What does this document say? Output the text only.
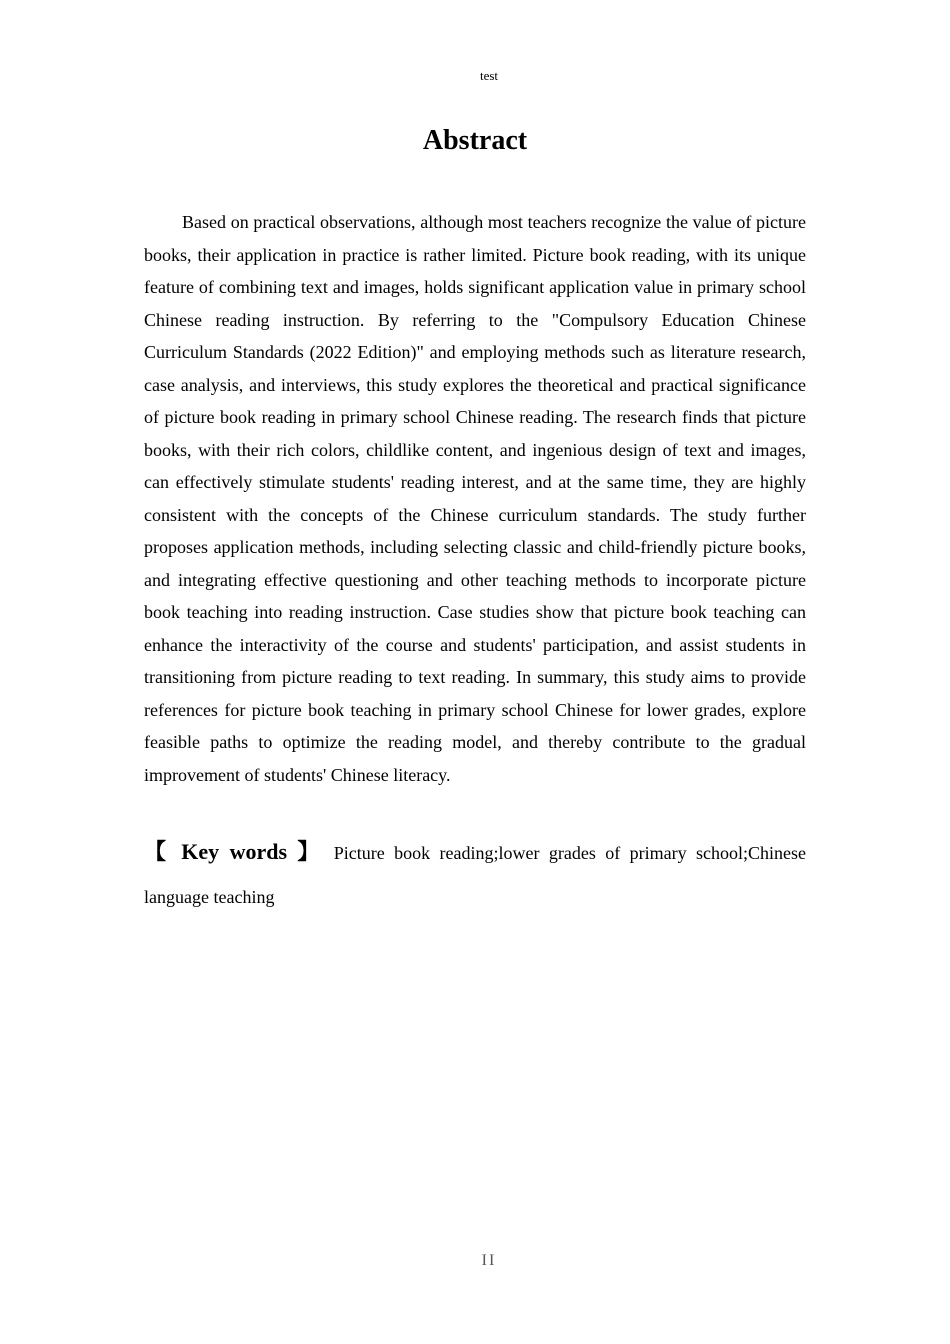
test
Abstract

Based on practical observations, although most teachers recognize the value of picture books, their application in practice is rather limited. Picture book reading, with its unique feature of combining text and images, holds significant application value in primary school Chinese reading instruction. By referring to the "Compulsory Education Chinese Curriculum Standards (2022 Edition)" and employing methods such as literature research, case analysis, and interviews, this study explores the theoretical and practical significance of picture book reading in primary school Chinese reading. The research finds that picture books, with their rich colors, childlike content, and ingenious design of text and images, can effectively stimulate students' reading interest, and at the same time, they are highly consistent with the concepts of the Chinese curriculum standards. The study further proposes application methods, including selecting classic and child-friendly picture books, and integrating effective questioning and other teaching methods to incorporate picture book teaching into reading instruction. Case studies show that picture book teaching can enhance the interactivity of the course and students' participation, and assist students in transitioning from picture reading to text reading. In summary, this study aims to provide references for picture book teaching in primary school Chinese for lower grades, explore feasible paths to optimize the reading model, and thereby contribute to the gradual improvement of students' Chinese literacy.

【 Key words 】 Picture book reading;lower grades of primary school;Chinese language teaching

II
